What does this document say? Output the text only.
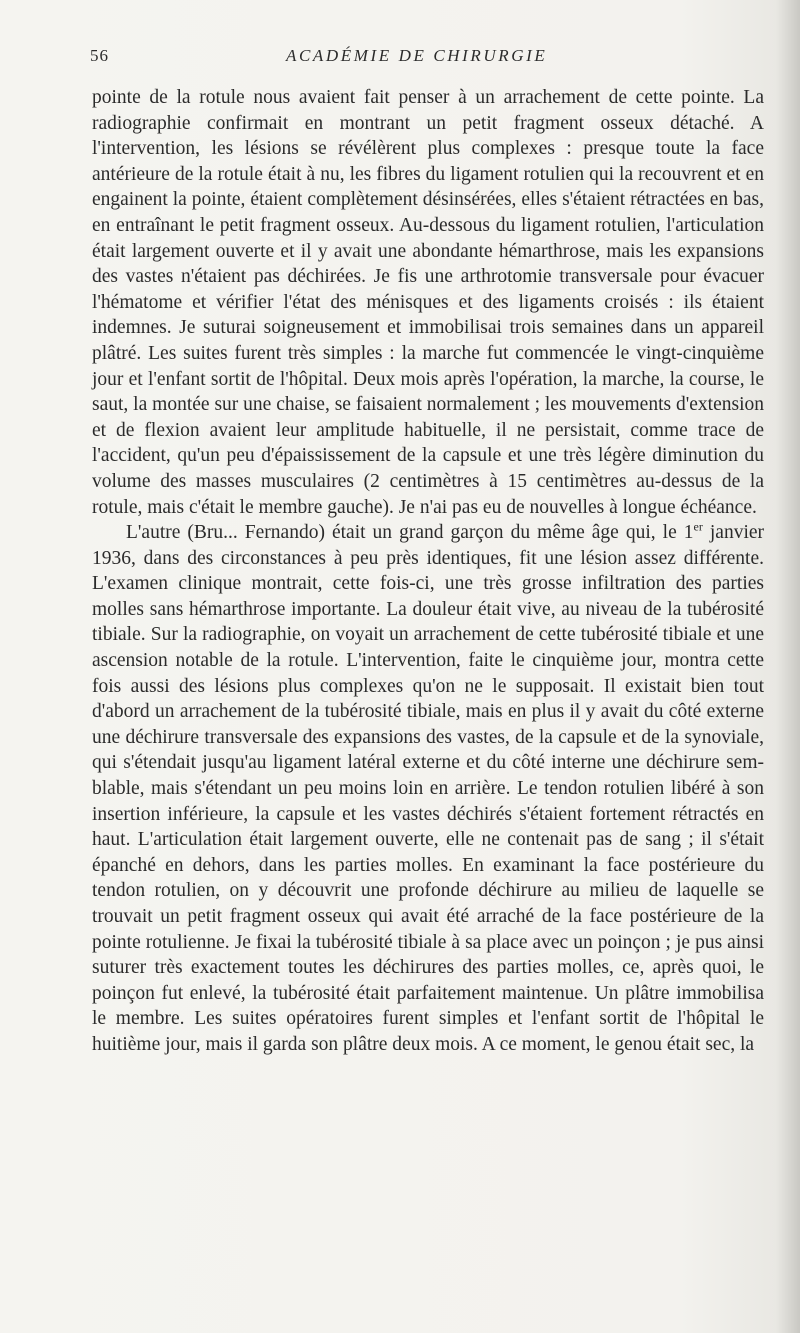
56	ACADÉMIE DE CHIRURGIE

pointe de la rotule nous avaient fait penser à un arrachement de cette pointe. La radiographie confirmait en montrant un petit fragment osseux détaché. A l'intervention, les lésions se révélèrent plus complexes : presque toute la face antérieure de la rotule était à nu, les fibres du ligament rotulien qui la recouvrent et en engainent la pointe, étaient complètement désinsérées, elles s'étaient rétractées en bas, en entraînant le petit fragment osseux. Au-dessous du ligament rotulien, l'articulation était largement ouverte et il y avait une abondante hémarthrose, mais les expansions des vastes n'étaient pas déchirées. Je fis une arthrotomie transversale pour évacuer l'hématome et vérifier l'état des ménisques et des ligaments croisés : ils étaient indemnes. Je suturai soigneusement et immobilisai trois semaines dans un appareil plâtré. Les suites furent très simples : la marche fut commencée le vingt-cinquième jour et l'enfant sortit de l'hôpital. Deux mois après l'opération, la marche, la course, le saut, la montée sur une chaise, se faisaient normalement ; les mouvements d'extension et de flexion avaient leur amplitude habituelle, il ne persistait, comme trace de l'accident, qu'un peu d'épaississement de la capsule et une très légère diminution du volume des masses musculaires (2 centimètres à 15 centimètres au-dessus de la rotule, mais c'était le membre gauche). Je n'ai pas eu de nouvelles à longue échéance.

L'autre (Bru... Fernando) était un grand garçon du même âge qui, le 1er janvier 1936, dans des circonstances à peu près identiques, fit une lésion assez différente. L'examen clinique montrait, cette fois-ci, une très grosse infiltration des parties molles sans hémarthrose importante. La douleur était vive, au niveau de la tubérosité tibiale. Sur la radiographie, on voyait un arrachement de cette tubérosité tibiale et une ascension notable de la rotule. L'intervention, faite le cinquième jour, montra cette fois aussi des lésions plus complexes qu'on ne le supposait. Il existait bien tout d'abord un arrachement de la tubérosité tibiale, mais en plus il y avait du côté externe une déchirure transversale des expansions des vastes, de la capsule et de la synoviale, qui s'étendait jusqu'au ligament latéral externe et du côté interne une déchirure semblable, mais s'étendant un peu moins loin en arrière. Le tendon rotulien libéré à son insertion inférieure, la capsule et les vastes déchirés s'étaient fortement rétractés en haut. L'articulation était largement ouverte, elle ne contenait pas de sang ; il s'était épanché en dehors, dans les parties molles. En examinant la face postérieure du tendon rotulien, on y découvrit une profonde déchirure au milieu de laquelle se trouvait un petit fragment osseux qui avait été arraché de la face postérieure de la pointe rotulienne. Je fixai la tubérosité tibiale à sa place avec un poinçon ; je pus ainsi suturer très exactement toutes les déchirures des parties molles, ce, après quoi, le poinçon fut enlevé, la tubérosité était parfaitement maintenue. Un plâtre immobilisa le membre. Les suites opératoires furent simples et l'enfant sortit de l'hôpital le huitième jour, mais il garda son plâtre deux mois. A ce moment, le genou était sec, la
